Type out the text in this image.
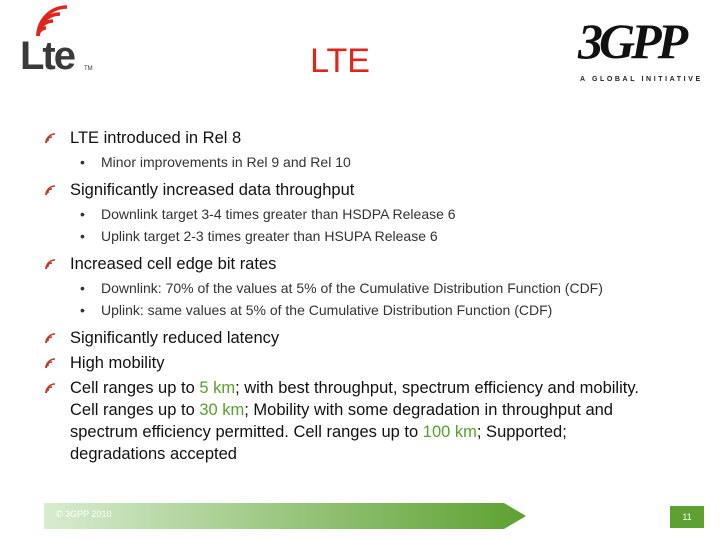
Lte TM	LTE	3GPP
A GLOBAL INITIATIVE
LTE introduced in Rel 8
• Minor improvements in Rel 9 and Rel 10
Significantly increased data throughput
• Downlink target 3-4 times greater than HSDPA Release 6
• Uplink target 2-3 times greater than HSUPA Release 6
Increased cell edge bit rates
• Downlink: 70% of the values at 5% of the Cumulative Distribution Function (CDF)
• Uplink: same values at 5% of the Cumulative Distribution Function (CDF)
Significantly reduced latency
High mobility
Cell ranges up to 5 km; with best throughput, spectrum efficiency and mobility. Cell ranges up to 30 km; Mobility with some degradation in throughput and spectrum efficiency permitted. Cell ranges up to 100 km; Supported; degradations accepted
© 3GPP 2010	11
